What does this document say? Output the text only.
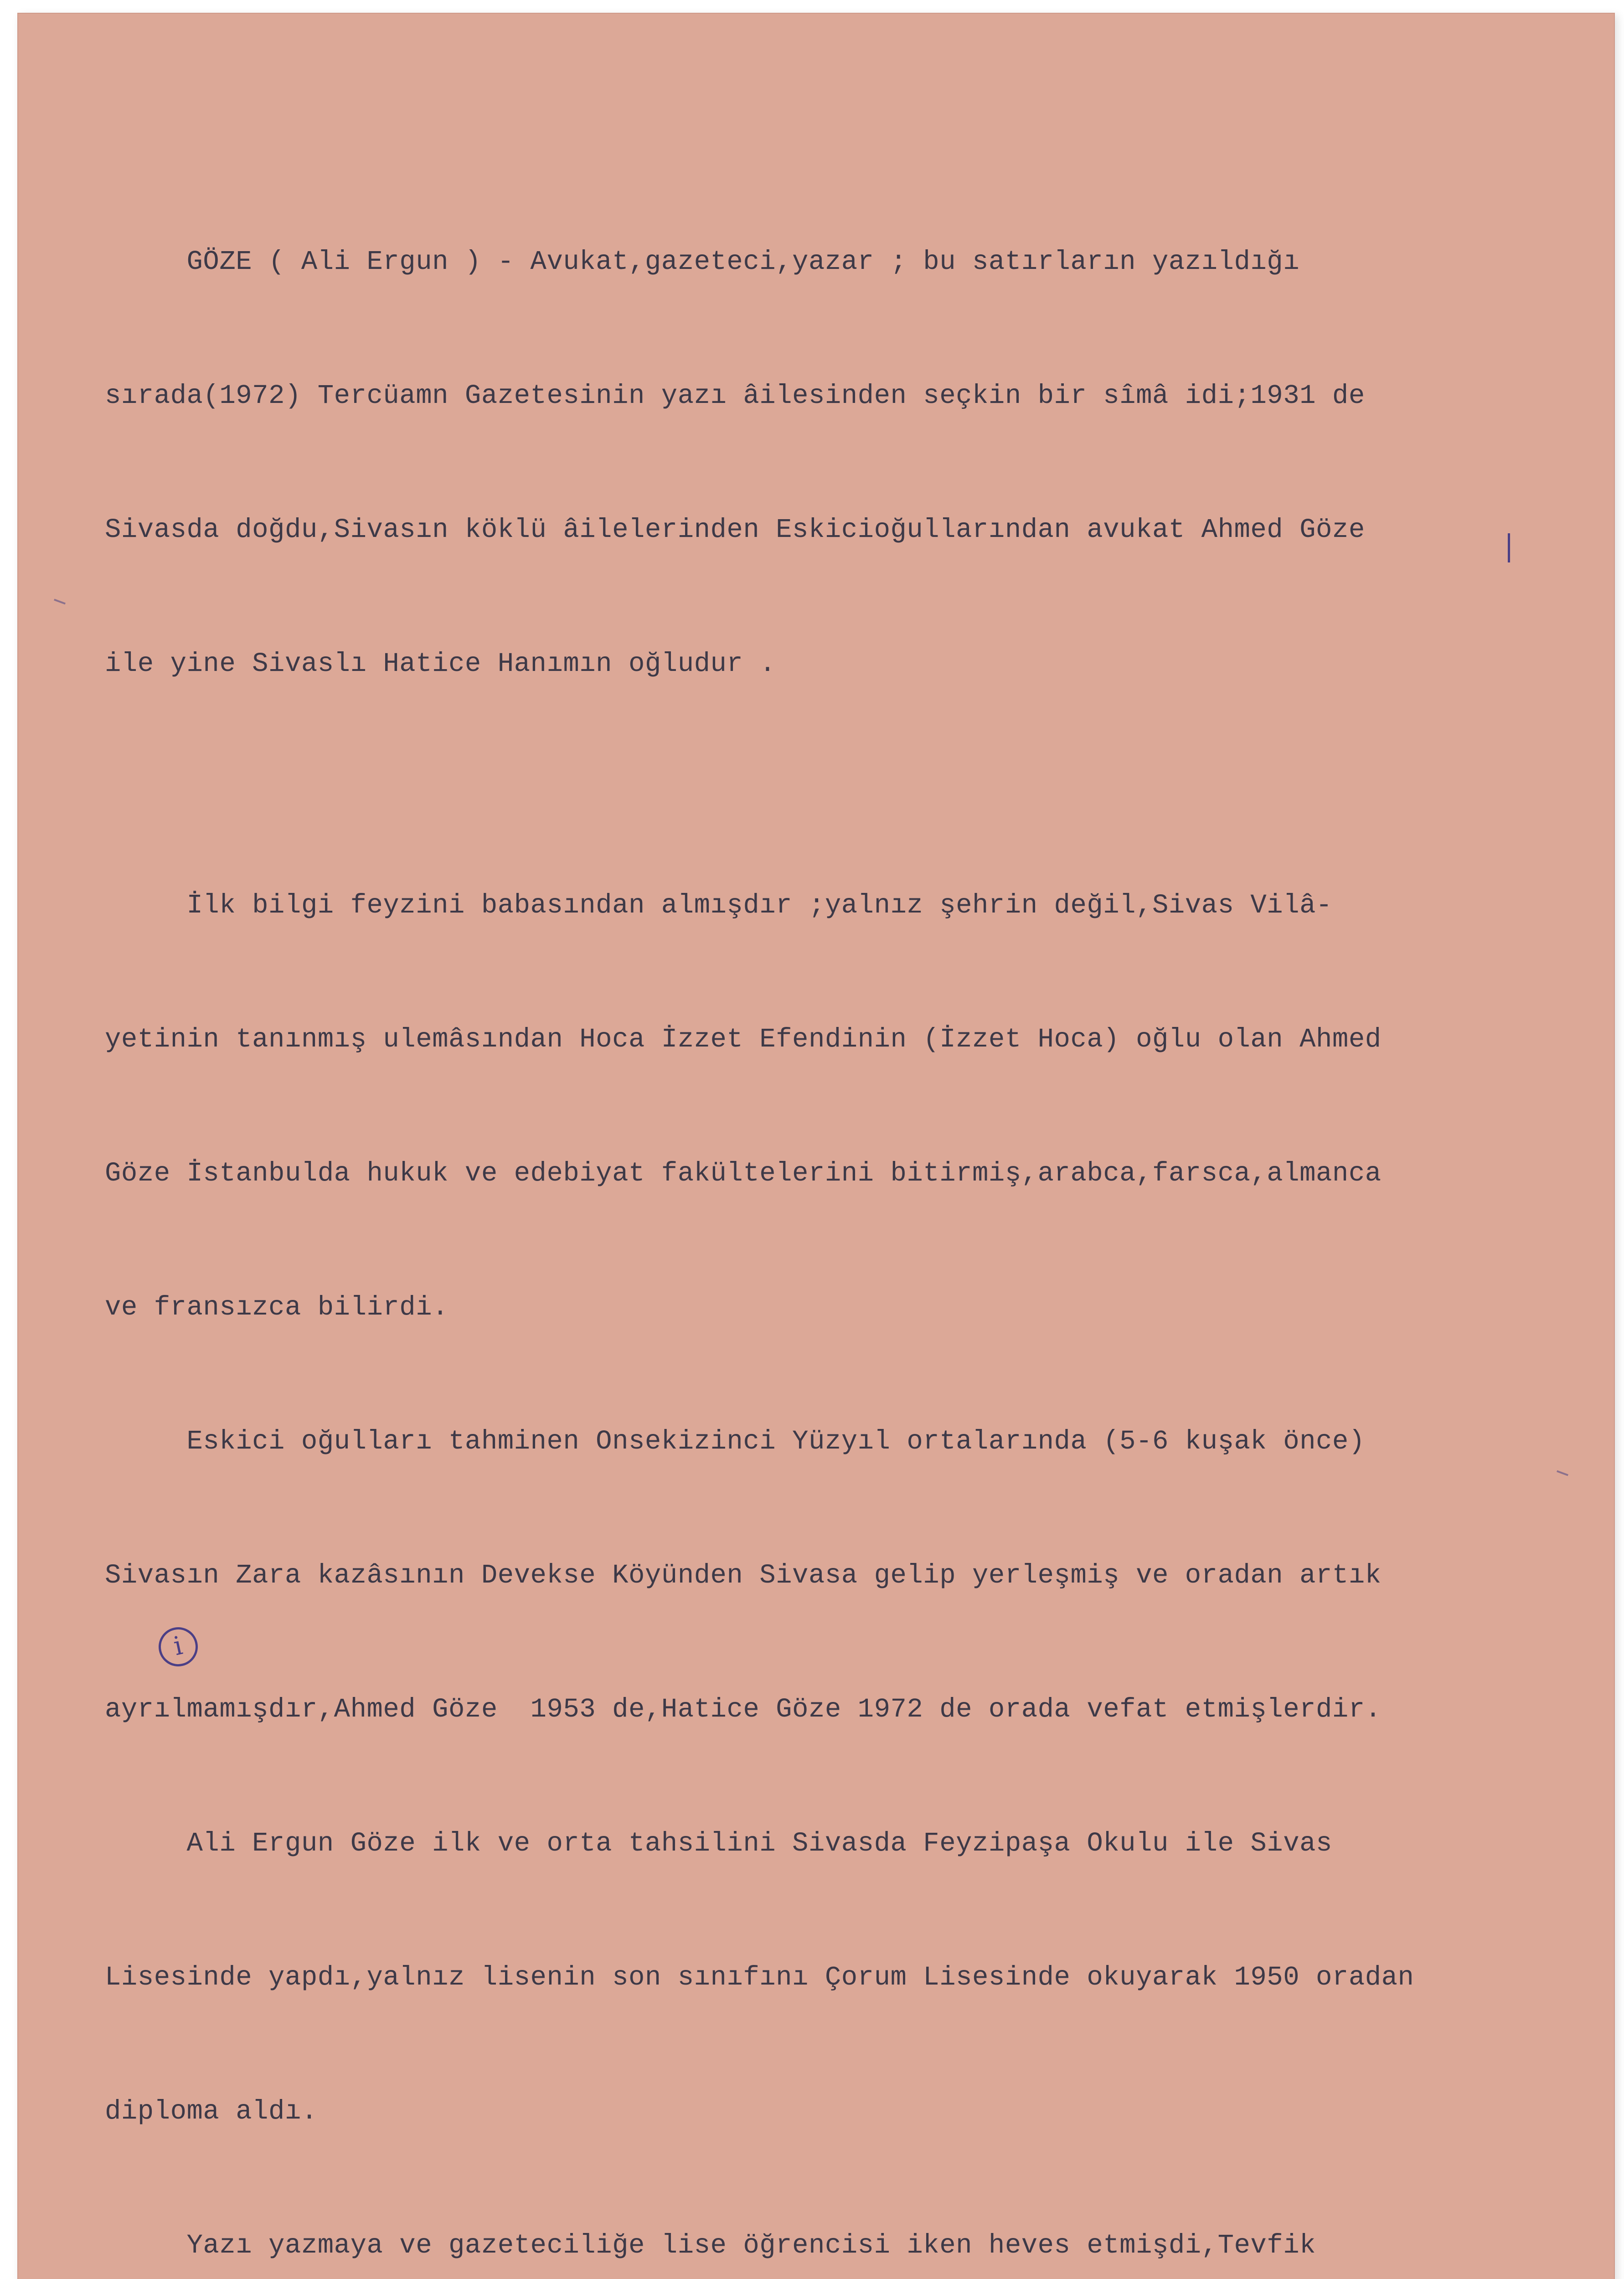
GÖZE ( Ali Ergun ) - Avukat,gazeteci,yazar ; bu satırların yazıldığı

sırada(1972) Tercüamn Gazetesinin yazı âilesinden seçkin bir sîmâ idi;1931 de

Sivasda doğdu,Sivasın köklü âilelerinden Eskicioğullarından avukat Ahmed Göze

ile yine Sivaslı Hatice Hanımın oğludur .

İlk bilgi feyzini babasından almışdır ;yalnız şehrin değil,Sivas Vilâ-

yetinin tanınmış ulemâsından Hoca İzzet Efendinin (İzzet Hoca) oğlu olan Ahmed

Göze İstanbulda hukuk ve edebiyat fakültelerini bitirmiş,arabca,farsca,almanca

ve fransızca bilirdi.

Eskici oğulları tahminen Onsekizinci Yüzyıl ortalarında (5-6 kuşak önce)

Sivasın Zara kazâsının Devekse Köyünden Sivasa gelip yerleşmiş ve oradan artık

ayrılmamışdır,Ahmed Göze  1953 de,Hatice Göze 1972 de orada vefat etmişlerdir.

Ali Ergun Göze ilk ve orta tahsilini Sivasda Feyzipaşa Okulu ile Sivas

Lisesinde yapdı,yalnız lisenin son sınıfını Çorum Lisesinde okuyarak 1950 oradan

diploma aldı.

Yazı yazmaya ve gazeteciliğe lise öğrencisi iken heves etmişdi,Tevfik

i
